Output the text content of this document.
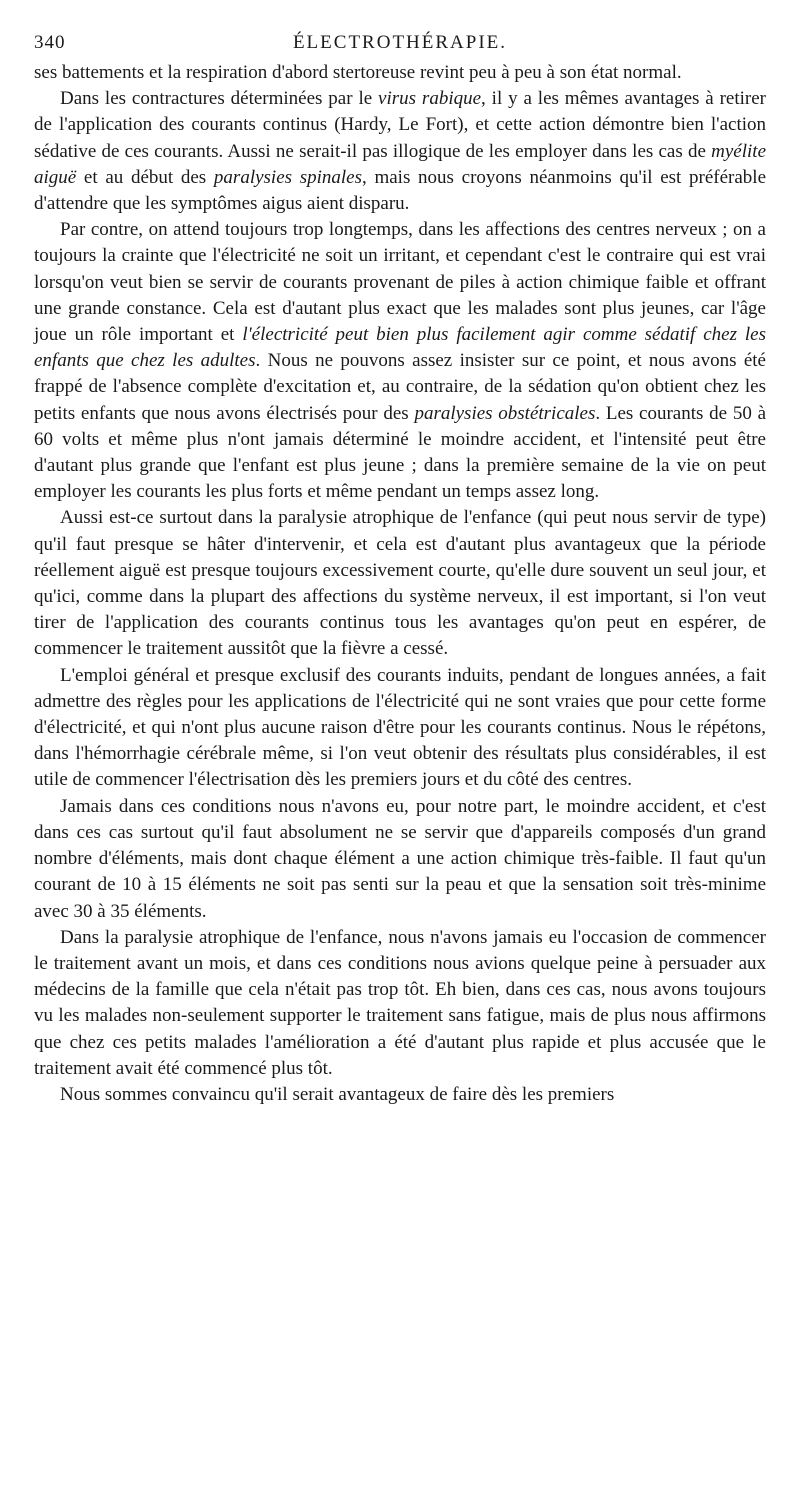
340	ÉLECTROTHÉRAPIE.

ses battements et la respiration d'abord stertoreuse revint peu à peu à son état normal.

Dans les contractures déterminées par le virus rabique, il y a les mêmes avantages à retirer de l'application des courants continus (Hardy, Le Fort), et cette action démontre bien l'action sédative de ces courants. Aussi ne serait-il pas illogique de les employer dans les cas de myélite aiguë et au début des paralysies spinales, mais nous croyons néanmoins qu'il est préférable d'attendre que les symptômes aigus aient disparu.

Par contre, on attend toujours trop longtemps, dans les affections des centres nerveux ; on a toujours la crainte que l'électricité ne soit un irritant, et cependant c'est le contraire qui est vrai lorsqu'on veut bien se servir de courants provenant de piles à action chimique faible et offrant une grande constance. Cela est d'autant plus exact que les malades sont plus jeunes, car l'âge joue un rôle important et l'électricité peut bien plus facilement agir comme sédatif chez les enfants que chez les adultes. Nous ne pouvons assez insister sur ce point, et nous avons été frappé de l'absence complète d'excitation et, au contraire, de la sédation qu'on obtient chez les petits enfants que nous avons électrisés pour des paralysies obstétricales. Les courants de 50 à 60 volts et même plus n'ont jamais déterminé le moindre accident, et l'intensité peut être d'autant plus grande que l'enfant est plus jeune ; dans la première semaine de la vie on peut employer les courants les plus forts et même pendant un temps assez long.

Aussi est-ce surtout dans la paralysie atrophique de l'enfance (qui peut nous servir de type) qu'il faut presque se hâter d'intervenir, et cela est d'autant plus avantageux que la période réellement aiguë est presque toujours excessivement courte, qu'elle dure souvent un seul jour, et qu'ici, comme dans la plupart des affections du système nerveux, il est important, si l'on veut tirer de l'application des courants continus tous les avantages qu'on peut en espérer, de commencer le traitement aussitôt que la fièvre a cessé.

L'emploi général et presque exclusif des courants induits, pendant de longues années, a fait admettre des règles pour les applications de l'électricité qui ne sont vraies que pour cette forme d'électricité, et qui n'ont plus aucune raison d'être pour les courants continus. Nous le répétons, dans l'hémorrhagie cérébrale même, si l'on veut obtenir des résultats plus considérables, il est utile de commencer l'électrisation dès les premiers jours et du côté des centres.

Jamais dans ces conditions nous n'avons eu, pour notre part, le moindre accident, et c'est dans ces cas surtout qu'il faut absolument ne se servir que d'appareils composés d'un grand nombre d'éléments, mais dont chaque élément a une action chimique très-faible. Il faut qu'un courant de 10 à 15 éléments ne soit pas senti sur la peau et que la sensation soit très-minime avec 30 à 35 éléments.

Dans la paralysie atrophique de l'enfance, nous n'avons jamais eu l'occasion de commencer le traitement avant un mois, et dans ces conditions nous avions quelque peine à persuader aux médecins de la famille que cela n'était pas trop tôt. Eh bien, dans ces cas, nous avons toujours vu les malades non-seulement supporter le traitement sans fatigue, mais de plus nous affirmons que chez ces petits malades l'amélioration a été d'autant plus rapide et plus accusée que le traitement avait été commencé plus tôt.

Nous sommes convaincu qu'il serait avantageux de faire dès les premiers
